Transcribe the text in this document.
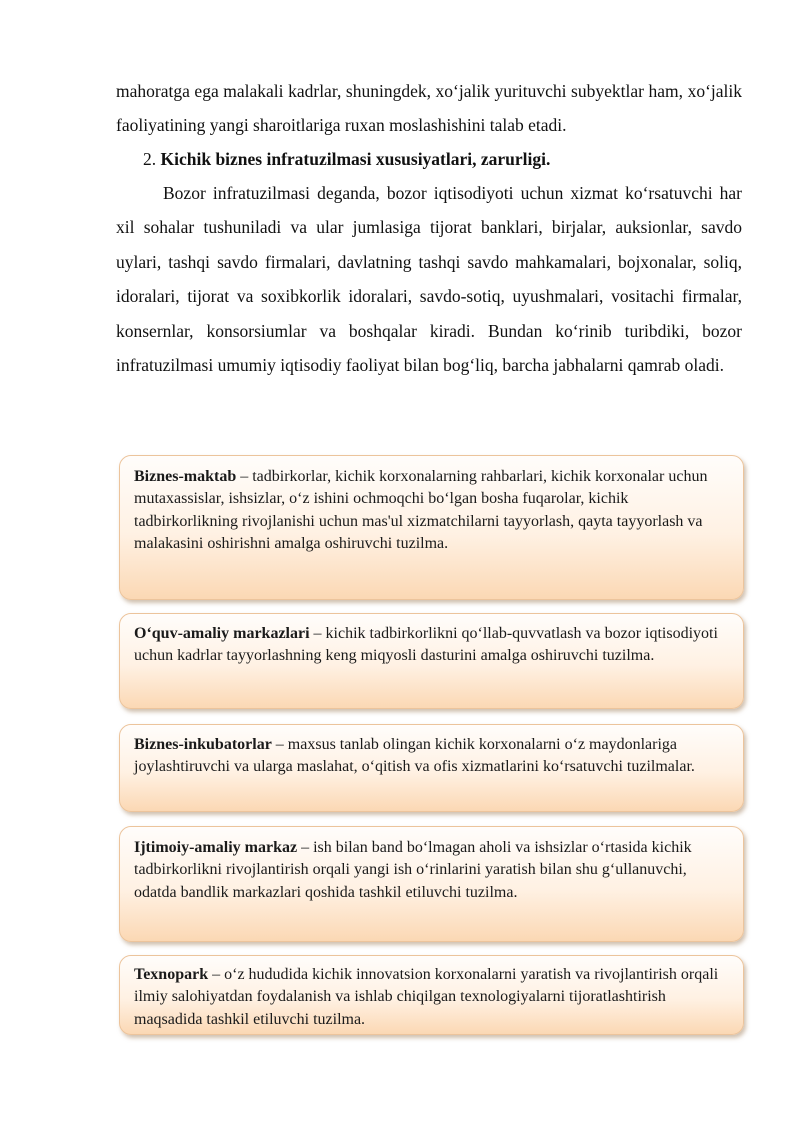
mahoratga ega malakali kadrlar, shuningdek, xo‘jalik yurituvchi subyektlar ham, xo‘jalik faoliyatining yangi sharoitlariga ruxan moslashishini talab etadi.

2. Kichik biznes infratuzilmasi xususiyatlari, zarurligi.

Bozor infratuzilmasi deganda, bozor iqtisodiyoti uchun xizmat ko‘rsatuvchi har xil sohalar tushuniladi va ular jumlasiga tijorat banklari, birjalar, auksionlar, savdo uylari, tashqi savdo firmalari, davlatning tashqi savdo mahkamalari, bojxonalar, soliq, idoralari, tijorat va soxibkorlik idoralari, savdo-sotiq, uyushmalari, vositachi firmalar, konsernlar, konsorsiumlar va boshqalar kiradi. Bundan ko‘rinib turibdiki, bozor infratuzilmasi umumiy iqtisodiy faoliyat bilan bog‘liq, barcha jabhalarni qamrab oladi.

Biznes-maktab – tadbirkorlar, kichik korxonalarning rahbarlari, kichik korxonalar uchun mutaxassislar, ishsizlar, o‘z ishini ochmoqchi bo‘lgan bosha fuqarolar, kichik tadbirkorlikning rivojlanishi uchun mas'ul xizmatchilarni tayyorlash, qayta tayyorlash va malakasini oshirishni amalga oshiruvchi tuzilma.
O‘quv-amaliy markazlari – kichik tadbirkorlikni qo‘llab-quvvatlash va bozor iqtisodiyoti uchun kadrlar tayyorlashning keng miqyosli dasturini amalga oshiruvchi tuzilma.
Biznes-inkubatorlar – maxsus tanlab olingan kichik korxonalarni o‘z maydonlariga joylashtiruvchi va ularga maslahat, o‘qitish va ofis xizmatlarini ko‘rsatuvchi tuzilmalar.
Ijtimoiy-amaliy markaz – ish bilan band bo‘lmagan aholi va ishsizlar o‘rtasida kichik tadbirkorlikni rivojlantirish orqali yangi ish o‘rinlarini yaratish bilan shu g‘ullanuvchi, odatda bandlik markazlari qoshida tashkil etiluvchi tuzilma.
Texnopark – o‘z hududida kichik innovatsion korxonalarni yaratish va rivojlantirish orqali ilmiy salohiyatdan foydalanish va ishlab chiqilgan texnologiyalarni tijoratlashtirish maqsadida tashkil etiluvchi tuzilma.
